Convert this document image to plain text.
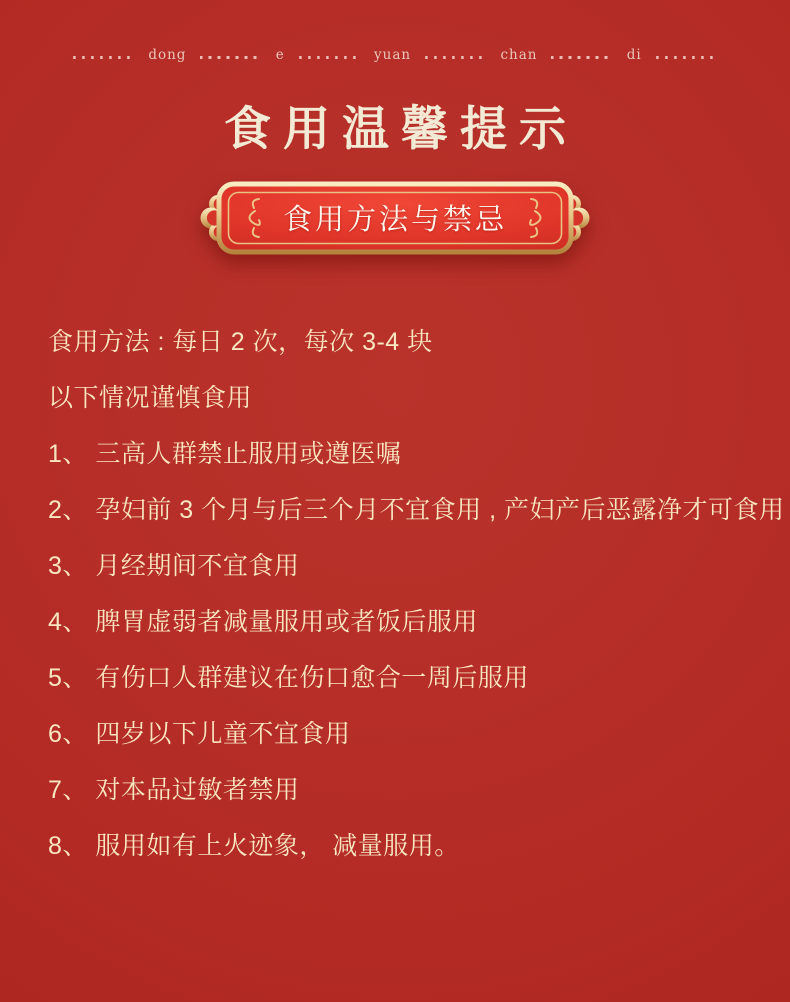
dong	e	yuan	chan	di
食用温馨提示
食用方法与禁忌

食用方法 : 每日 2 次，每次 3-4 块

以下情况谨慎食用

1、 三高人群禁止服用或遵医嘱

2、 孕妇前 3 个月与后三个月不宜食用 , 产妇产后恶露净才可食用

3、 月经期间不宜食用

4、 脾胃虚弱者减量服用或者饭后服用

5、 有伤口人群建议在伤口愈合一周后服用

6、 四岁以下儿童不宜食用

7、 对本品过敏者禁用

8、 服用如有上火迹象， 减量服用。
